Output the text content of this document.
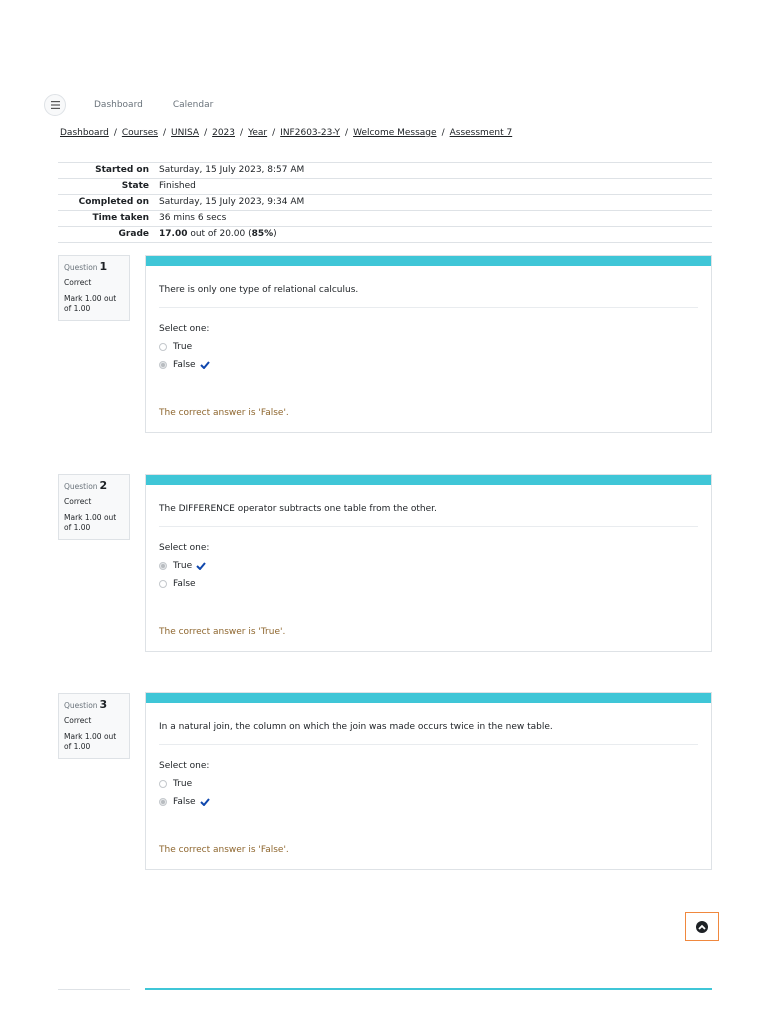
Dashboard	Calendar
Dashboard / Courses / UNISA / 2023 / Year / INF2603-23-Y / Welcome Message / Assessment 7
Started on	Saturday, 15 July 2023, 8:57 AM
State	Finished
Completed on	Saturday, 15 July 2023, 9:34 AM
Time taken	36 mins 6 secs
Grade	17.00 out of 20.00 (85%)
Question 1
Correct
Mark 1.00 out of 1.00
There is only one type of relational calculus.
Select one:
True
False
The correct answer is 'False'.
Question 2
Correct
Mark 1.00 out of 1.00
The DIFFERENCE operator subtracts one table from the other.
Select one:
True
False
The correct answer is 'True'.
Question 3
Correct
Mark 1.00 out of 1.00
In a natural join, the column on which the join was made occurs twice in the new table.
Select one:
True
False
The correct answer is 'False'.
